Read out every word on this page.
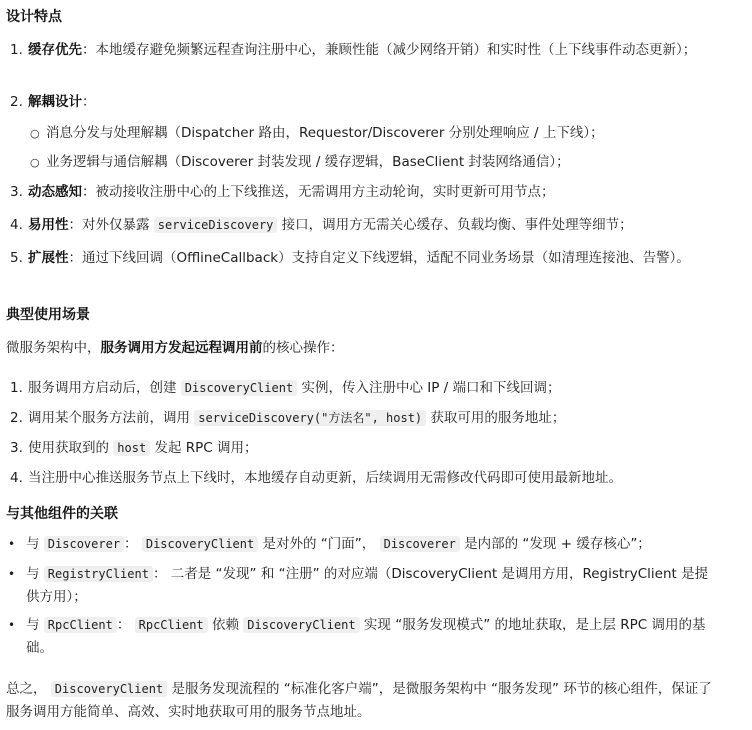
设计特点
1. 缓存优先：本地缓存避免频繁远程查询注册中心，兼顾性能（减少网络开销）和实时性（上下线事件动态更新）；
2. 解耦设计：
○ 消息分发与处理解耦（Dispatcher 路由，Requestor/Discoverer 分别处理响应 / 上下线）；
○ 业务逻辑与通信解耦（Discoverer 封装发现 / 缓存逻辑，BaseClient 封装网络通信）；
3. 动态感知：被动接收注册中心的上下线推送，无需调用方主动轮询，实时更新可用节点；
4. 易用性：对外仅暴露 serviceDiscovery 接口，调用方无需关心缓存、负载均衡、事件处理等细节；
5. 扩展性：通过下线回调（OfflineCallback）支持自定义下线逻辑，适配不同业务场景（如清理连接池、告警）。
典型使用场景
微服务架构中，服务调用方发起远程调用前的核心操作：
1. 服务调用方启动后，创建 DiscoveryClient 实例，传入注册中心 IP / 端口和下线回调；
2. 调用某个服务方法前，调用 serviceDiscovery("方法名", host) 获取可用的服务地址；
3. 使用获取到的 host 发起 RPC 调用；
4. 当注册中心推送服务节点上下线时，本地缓存自动更新，后续调用无需修改代码即可使用最新地址。
与其他组件的关联
• 与 Discoverer ： DiscoveryClient 是对外的 “门面”， Discoverer 是内部的 “发现 + 缓存核心”；
• 与 RegistryClient ： 二者是 “发现” 和 “注册” 的对应端（DiscoveryClient 是调用方用，RegistryClient 是提供方用）；
• 与 RpcClient ： RpcClient 依赖 DiscoveryClient 实现 “服务发现模式” 的地址获取，是上层 RPC 调用的基础。
总之， DiscoveryClient 是服务发现流程的 “标准化客户端”，是微服务架构中 “服务发现” 环节的核心组件，保证了服务调用方能简单、高效、实时地获取可用的服务节点地址。
